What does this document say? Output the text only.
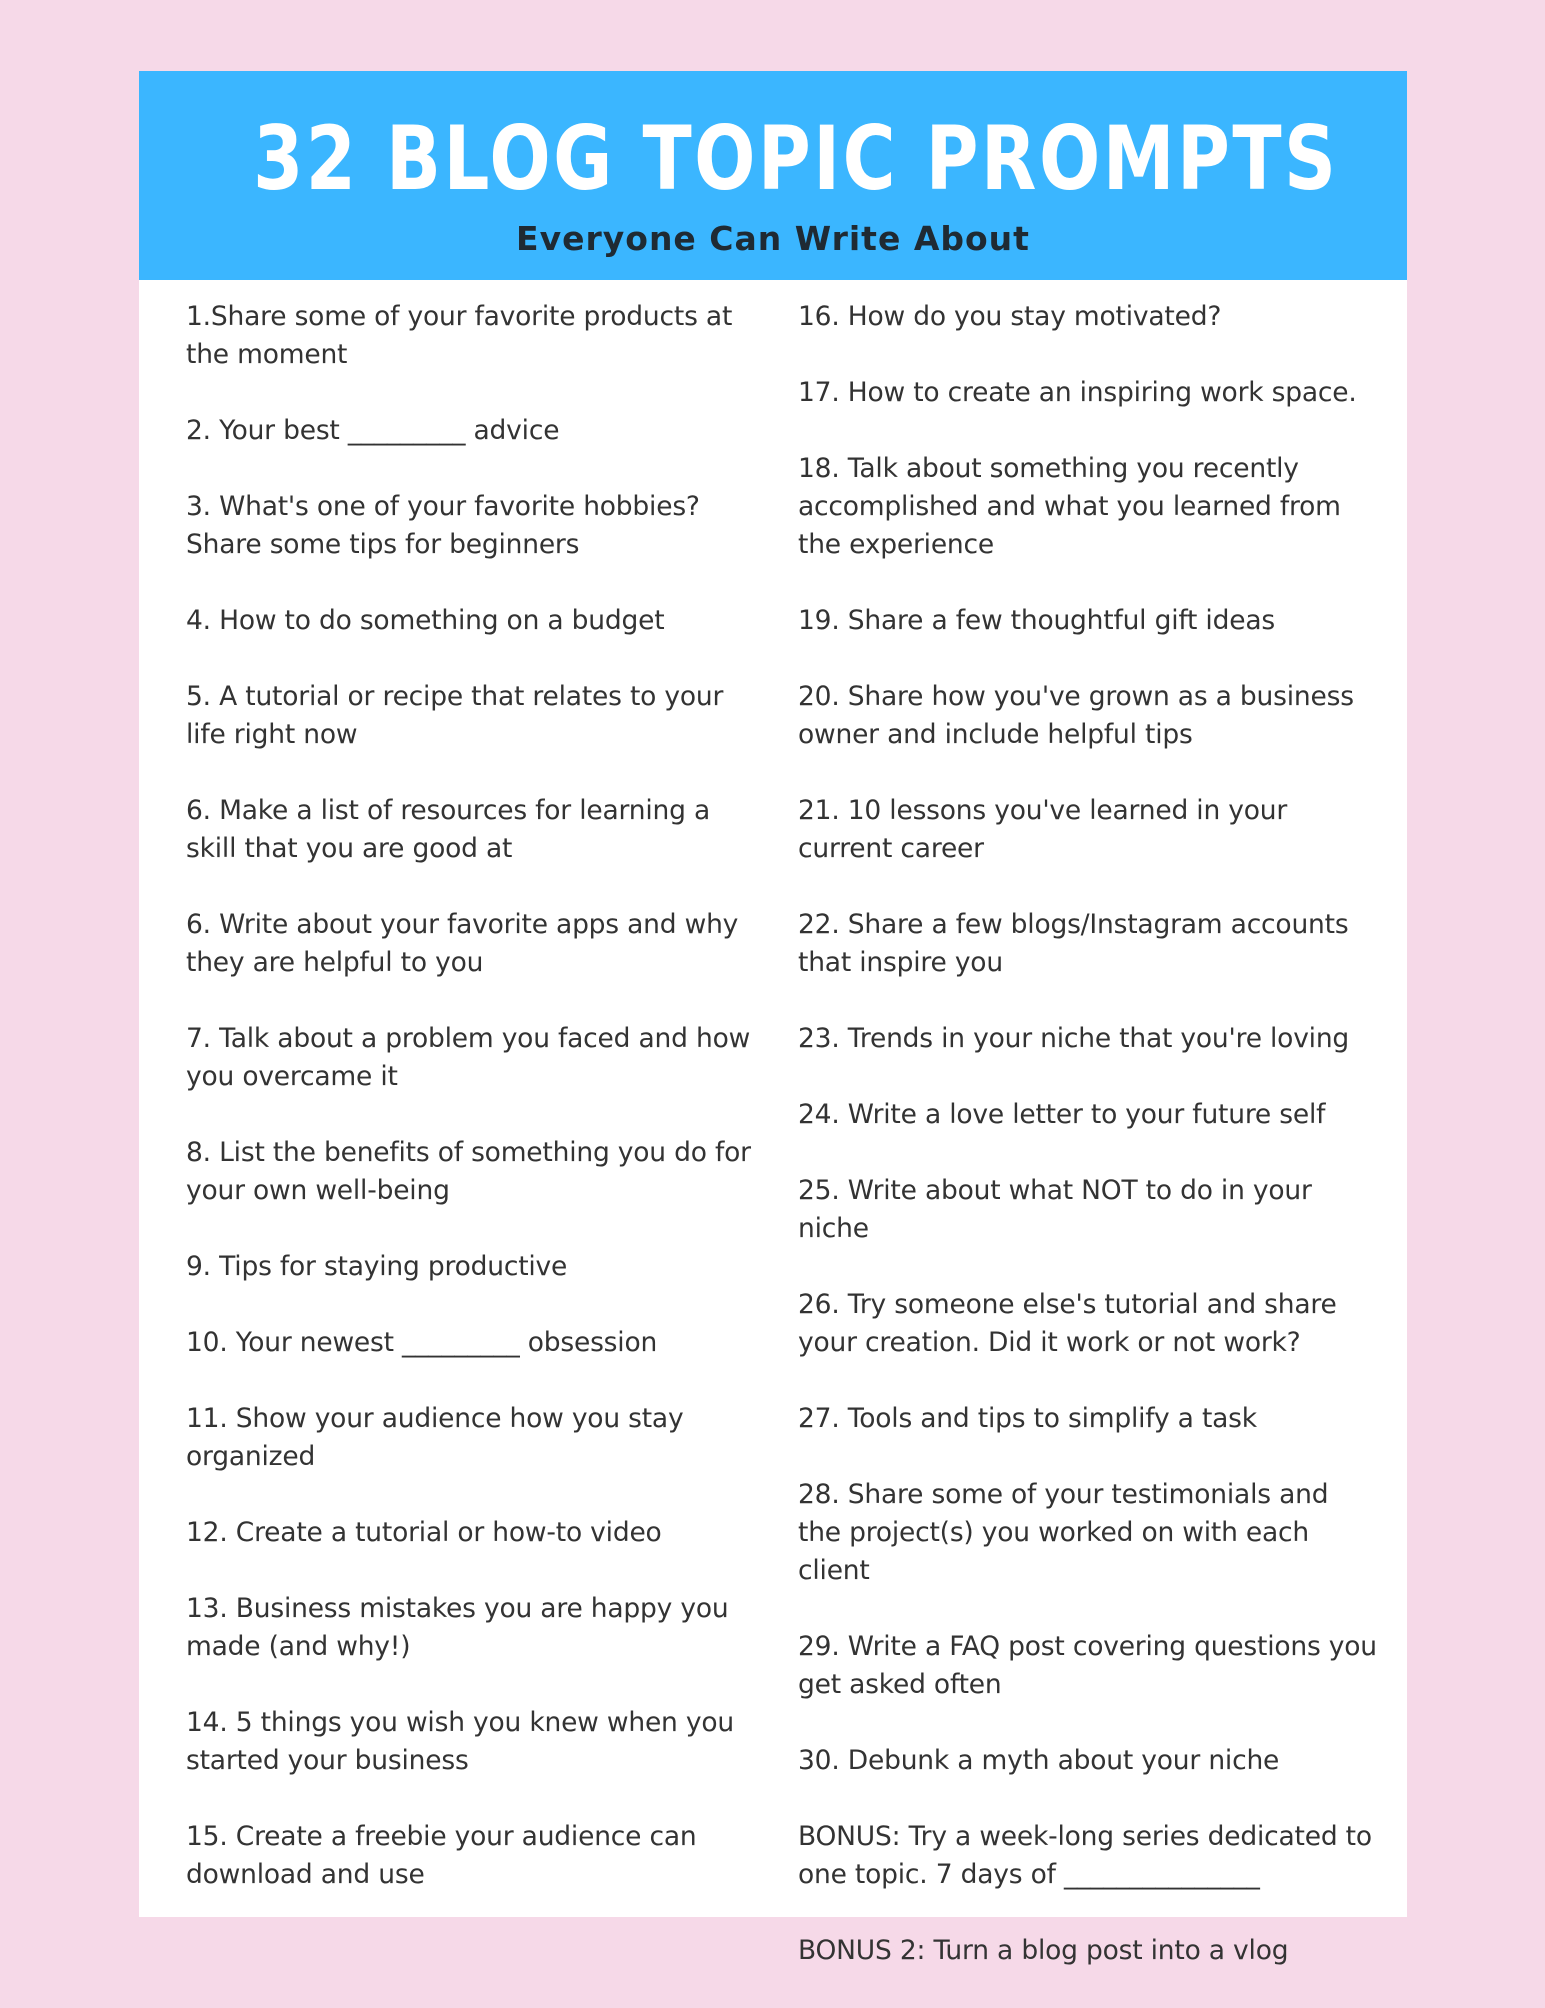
32 BLOG TOPIC PROMPTS
Everyone Can Write About
1.Share some of your favorite products at the moment
2. Your best _________ advice
3. What's one of your favorite hobbies? Share some tips for beginners
4. How to do something on a budget
5. A tutorial or recipe that relates to your life right now
6. Make a list of resources for learning a skill that you are good at
6. Write about your favorite apps and why they are helpful to you
7. Talk about a problem you faced and how you overcame it
8. List the benefits of something you do for your own well-being
9. Tips for staying productive
10. Your newest _________ obsession
11. Show your audience how you stay organized
12. Create a tutorial or how-to video
13. Business mistakes you are happy you made (and why!)
14. 5 things you wish you knew when you started your business
15. Create a freebie your audience can download and use
16. How do you stay motivated?
17. How to create an inspiring work space.
18. Talk about something you recently accomplished and what you learned from the experience
19. Share a few thoughtful gift ideas
20. Share how you've grown as a business owner and include helpful tips
21. 10 lessons you've learned in your current career
22. Share a few blogs/Instagram accounts that inspire you
23. Trends in your niche that you're loving
24. Write a love letter to your future self
25. Write about what NOT to do in your niche
26. Try someone else's tutorial and share your creation. Did it work or not work?
27. Tools and tips to simplify a task
28. Share some of your testimonials and the project(s) you worked on with each client
29. Write a FAQ post covering questions you get asked often
30. Debunk a myth about your niche
BONUS: Try a week-long series dedicated to one topic. 7 days of _______________
BONUS 2: Turn a blog post into a vlog
